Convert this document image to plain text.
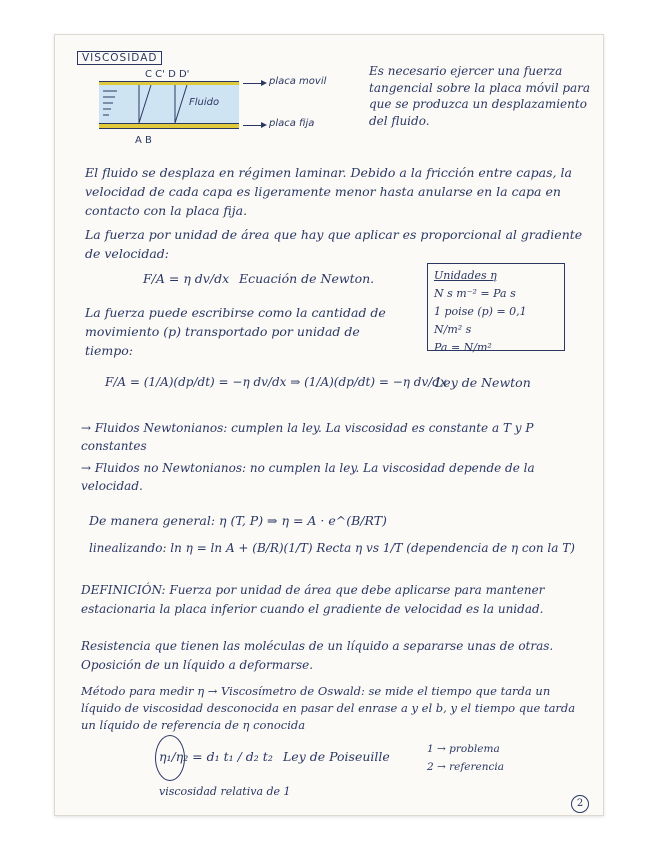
VISCOSIDAD
C C' D D'
Fluido
A B
placa movil
placa fija
Es necesario ejercer una fuerza tangencial sobre la placa móvil para que se produzca un desplazamiento del fluido.
El fluido se desplaza en régimen laminar. Debido a la fricción entre capas, la velocidad de cada capa es ligeramente menor hasta anularse en la capa en contacto con la placa fija.
La fuerza por unidad de área que hay que aplicar es proporcional al gradiente de velocidad:
F/A = η dv/dx Ecuación de Newton.	Unidades η
N s m⁻² = Pa s
1 poise (p) = 0,1 N/m² s
Pa = N/m²
La fuerza puede escribirse como la cantidad de movimiento (p) transportado por unidad de tiempo:
F/A = (1/A)(dp/dt) = −η dv/dx ⇒ (1/A)(dp/dt) = −η dv/dx
Ley de Newton
→ Fluidos Newtonianos: cumplen la ley. La viscosidad es constante a T y P constantes
→ Fluidos no Newtonianos: no cumplen la ley. La viscosidad depende de la velocidad.
De manera general: η (T, P) ⇒ η = A · e^(B/RT)
linealizando: ln η = ln A + (B/R)(1/T) Recta η vs 1/T (dependencia de η con la T)
DEFINICIÓN: Fuerza por unidad de área que debe aplicarse para mantener estacionaria la placa inferior cuando el gradiente de velocidad es la unidad.
Resistencia que tienen las moléculas de un líquido a separarse unas de otras. Oposición de un líquido a deformarse.
Método para medir η → Viscosímetro de Oswald: se mide el tiempo que tarda un líquido de viscosidad desconocida en pasar del enrase a y el b, y el tiempo que tarda un líquido de referencia de η conocida
η₁/η₂ = d₁ t₁ / d₂ t₂ Ley de Poiseuille	1 → problema
2 → referencia
viscosidad relativa de 1
2
